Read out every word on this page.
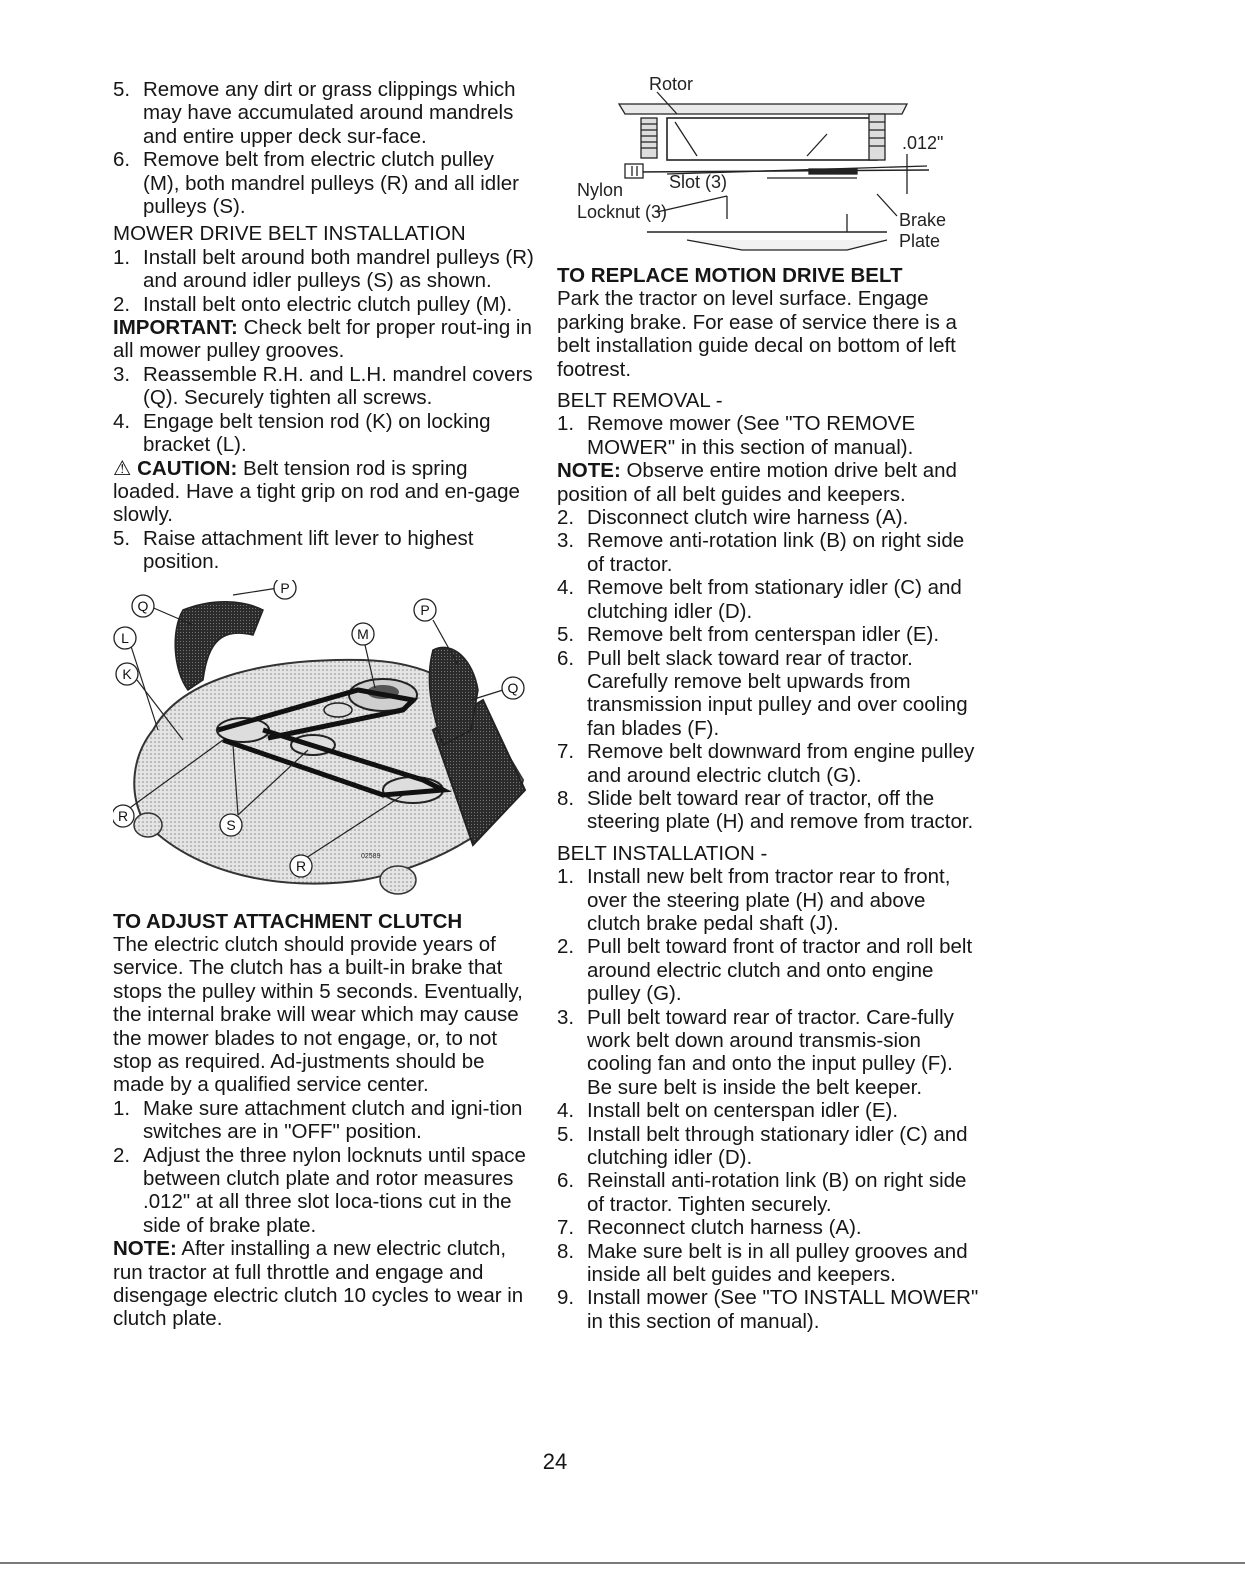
5. Remove any dirt or grass clippings which may have accumulated around mandrels and entire upper deck sur-face.

6. Remove belt from electric clutch pulley (M), both mandrel pulleys (R) and all idler pulleys (S).

MOWER DRIVE BELT INSTALLATION

1. Install belt around both mandrel pulleys (R) and around idler pulleys (S) as shown.

2. Install belt onto electric clutch pulley (M).

IMPORTANT: Check belt for proper rout-ing in all mower pulley grooves.

3. Reassemble R.H. and L.H. mandrel covers (Q). Securely tighten all screws.

4. Engage belt tension rod (K) on locking bracket (L).

⚠ CAUTION: Belt tension rod is spring loaded. Have a tight grip on rod and en-gage slowly.

5. Raise attachment lift lever to highest position.

Q
P
L	M
P
K
Q
R
S
R
02589

TO ADJUST ATTACHMENT CLUTCH

The electric clutch should provide years of service. The clutch has a built-in brake that stops the pulley within 5 seconds. Eventually, the internal brake will wear which may cause the mower blades to not engage, or, to not stop as required. Ad-justments should be made by a qualified service center.

1. Make sure attachment clutch and igni-tion switches are in "OFF" position.

2. Adjust the three nylon locknuts until space between clutch plate and rotor measures .012" at all three slot loca-tions cut in the side of brake plate.

NOTE: After installing a new electric clutch, run tractor at full throttle and engage and disengage electric clutch 10 cycles to wear in clutch plate.

Rotor
.012"
Nylon
Locknut (3)
Slot (3)
Brake
Plate

TO REPLACE MOTION DRIVE BELT

Park the tractor on level surface. Engage parking brake. For ease of service there is a belt installation guide decal on bottom of left footrest.

BELT REMOVAL -

1. Remove mower (See "TO REMOVE MOWER" in this section of manual).

NOTE: Observe entire motion drive belt and position of all belt guides and keepers.

2. Disconnect clutch wire harness (A).

3. Remove anti-rotation link (B) on right side of tractor.

4. Remove belt from stationary idler (C) and clutching idler (D).

5. Remove belt from centerspan idler (E).

6. Pull belt slack toward rear of tractor. Carefully remove belt upwards from transmission input pulley and over cooling fan blades (F).

7. Remove belt downward from engine pulley and around electric clutch (G).

8. Slide belt toward rear of tractor, off the steering plate (H) and remove from tractor.

BELT INSTALLATION -

1. Install new belt from tractor rear to front, over the steering plate (H) and above clutch brake pedal shaft (J).

2. Pull belt toward front of tractor and roll belt around electric clutch and onto engine pulley (G).

3. Pull belt toward rear of tractor. Care-fully work belt down around transmis-sion cooling fan and onto the input pulley (F). Be sure belt is inside the belt keeper.

4. Install belt on centerspan idler (E).

5. Install belt through stationary idler (C) and clutching idler (D).

6. Reinstall anti-rotation link (B) on right side of tractor. Tighten securely.

7. Reconnect clutch harness (A).

8. Make sure belt is in all pulley grooves and inside all belt guides and keepers.

9. Install mower (See "TO INSTALL MOWER" in this section of manual).

24
